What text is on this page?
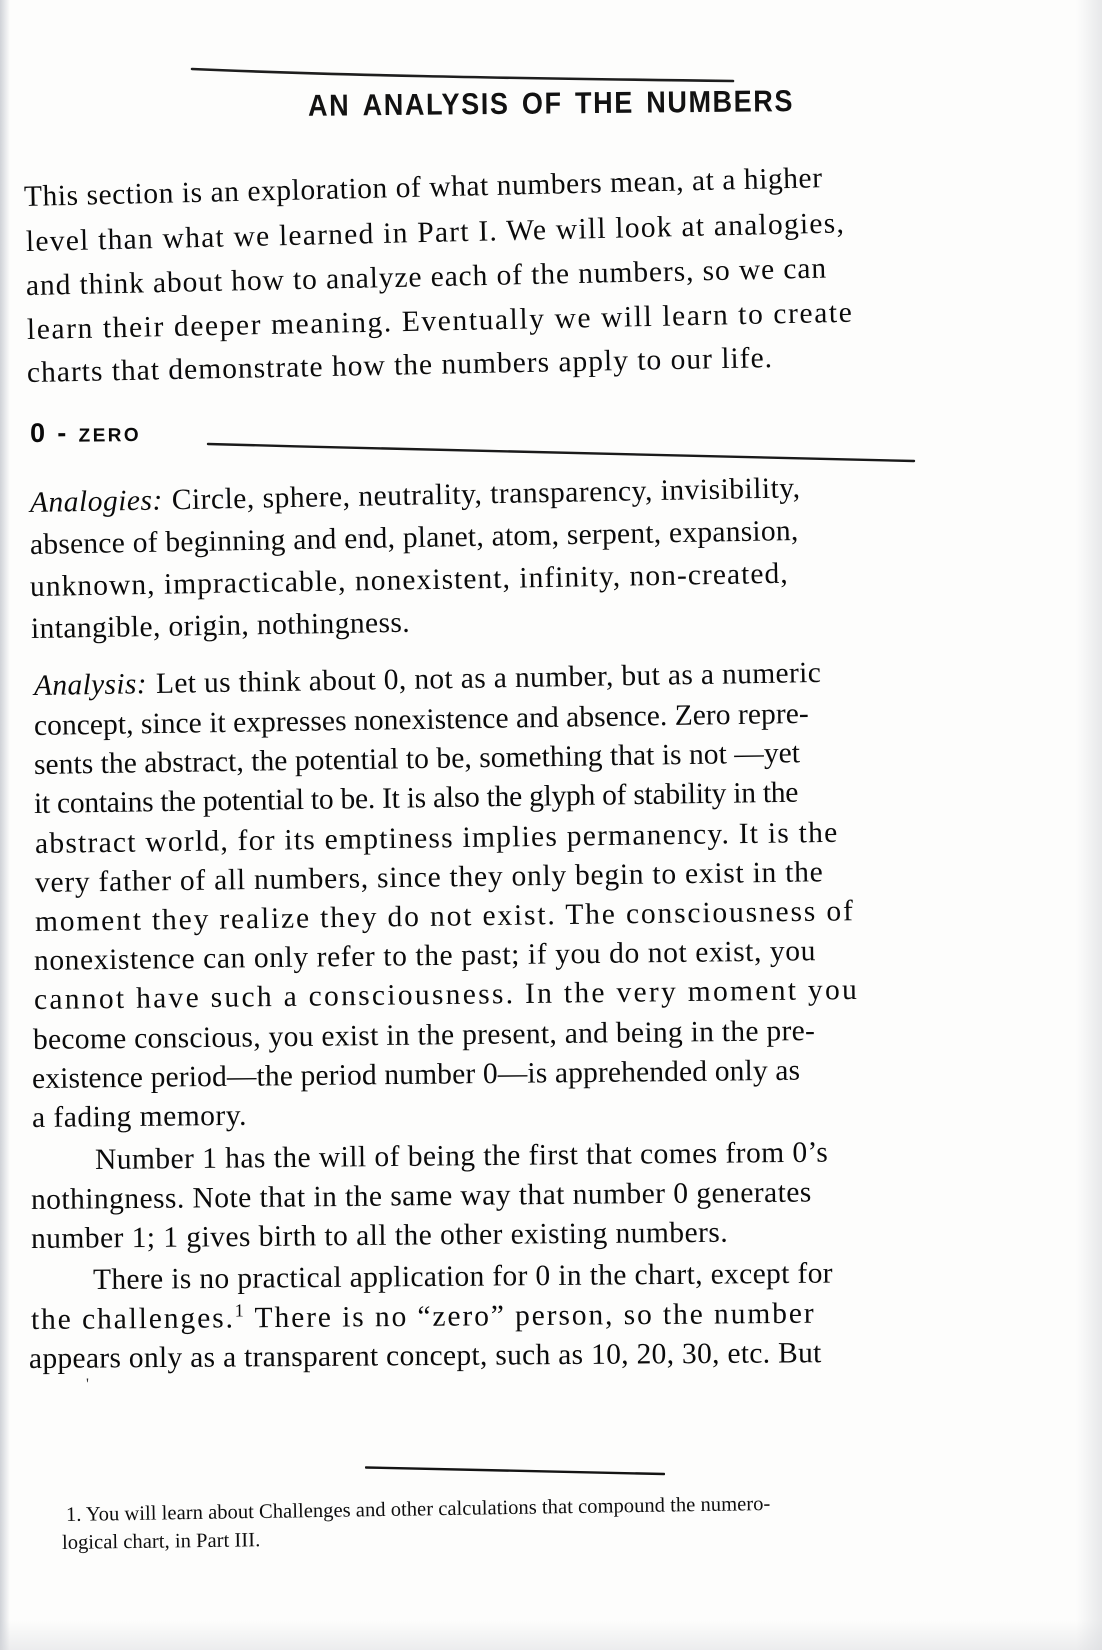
an analysis of the numbers
This section is an exploration of what numbers mean, at a higher
level than what we learned in Part I. We will look at analogies,
and think about how to analyze each of the numbers, so we can
learn their deeper meaning. Eventually we will learn to create
charts that demonstrate how the numbers apply to our life.
0 - zero
Analogies: Circle, sphere, neutrality, transparency, invisibility,
absence of beginning and end, planet, atom, serpent, expansion,
unknown, impracticable, nonexistent, infinity, non-created,
intangible, origin, nothingness.
Analysis: Let us think about 0, not as a number, but as a numeric
concept, since it expresses nonexistence and absence. Zero repre-
sents the abstract, the potential to be, something that is not —yet
it contains the potential to be. It is also the glyph of stability in the
abstract world, for its emptiness implies permanency. It is the
very father of all numbers, since they only begin to exist in the
moment they realize they do not exist. The consciousness of
nonexistence can only refer to the past; if you do not exist, you
cannot have such a consciousness. In the very moment you
become conscious, you exist in the present, and being in the pre-
existence period—the period number 0—is apprehended only as
a fading memory.
Number 1 has the will of being the first that comes from 0’s
nothingness. Note that in the same way that number 0 generates
number 1; 1 gives birth to all the other existing numbers.
There is no practical application for 0 in the chart, except for
the challenges.$^1$ There is no “zero” person, so the number
appears only as a transparent concept, such as 10, 20, 30, etc. But
'
1. You will learn about Challenges and other calculations that compound the numero-
logical chart, in Part III.
